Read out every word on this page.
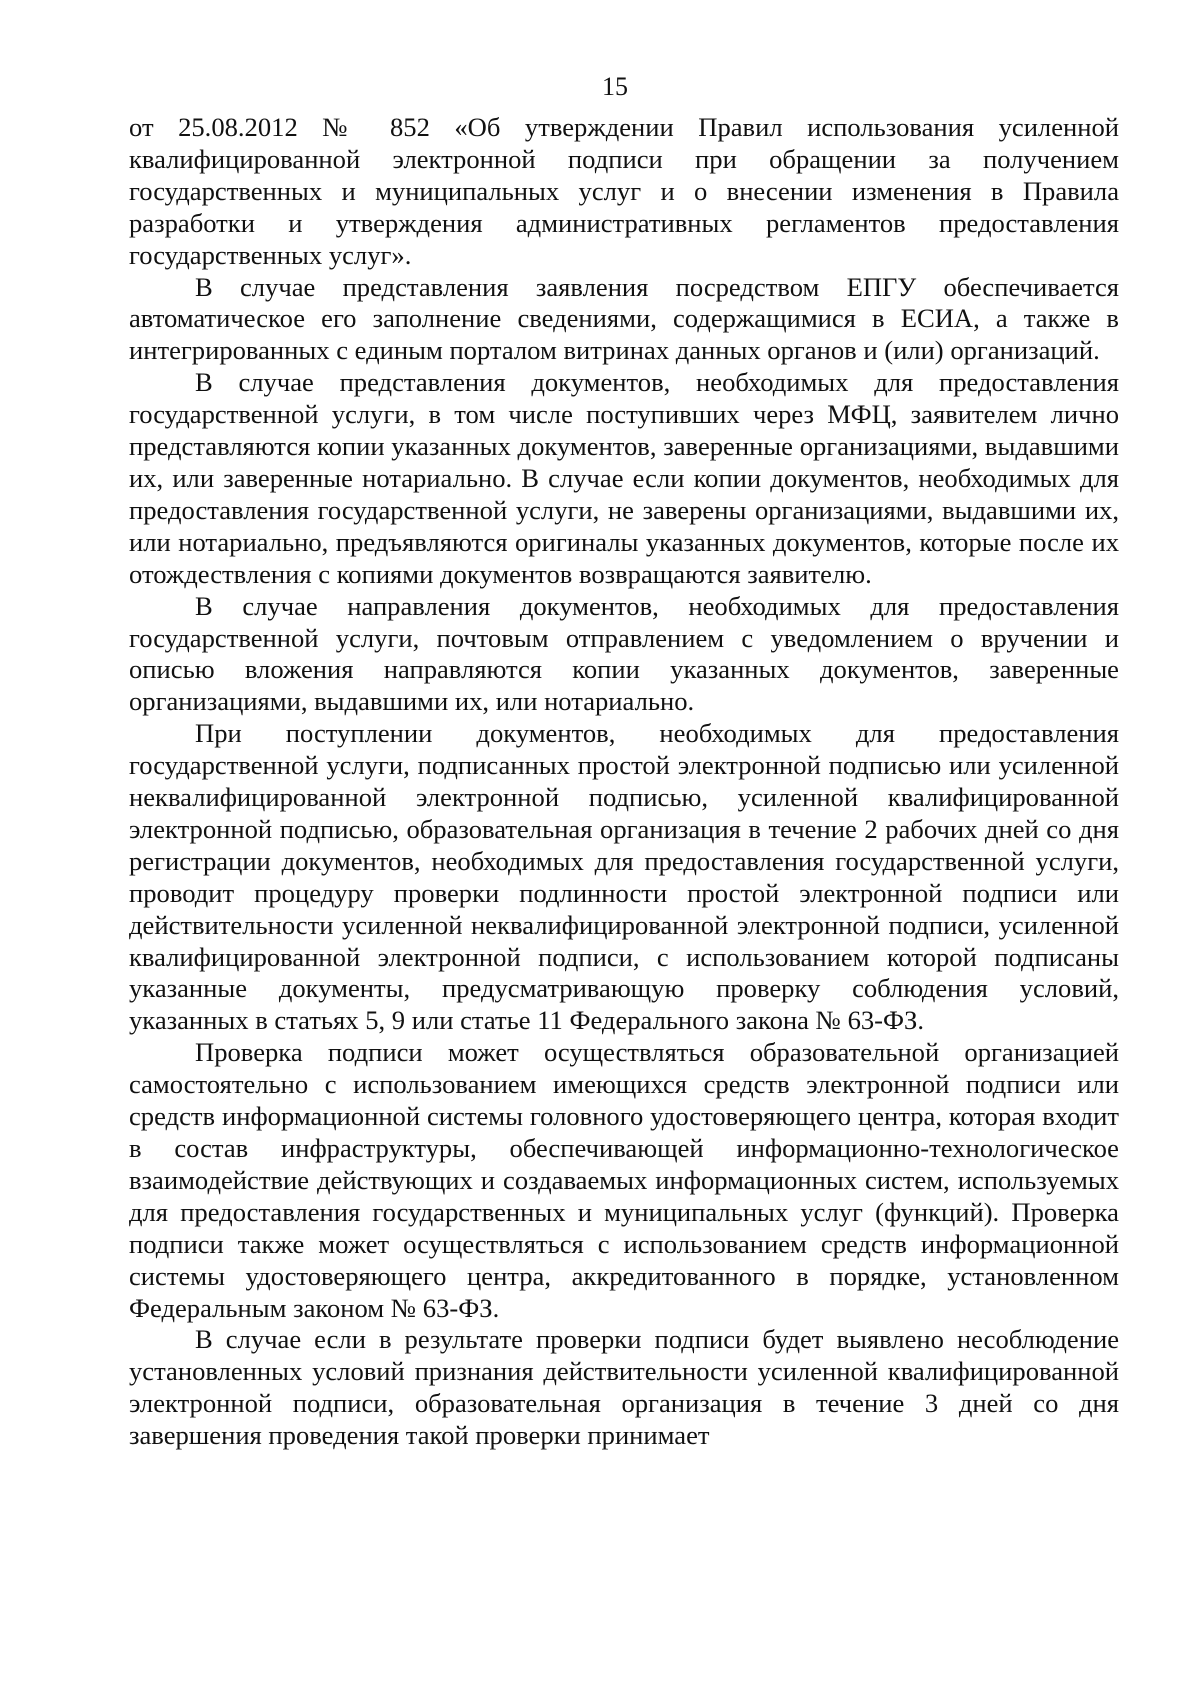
15

от 25.08.2012 № 852 «Об утверждении Правил использования усиленной квалифицированной электронной подписи при обращении за получением государственных и муниципальных услуг и о внесении изменения в Правила разработки и утверждения административных регламентов предоставления государственных услуг».

В случае представления заявления посредством ЕПГУ обеспечивается автоматическое его заполнение сведениями, содержащимися в ЕСИА, а также в интегрированных с единым порталом витринах данных органов и (или) организаций.

В случае представления документов, необходимых для предоставления государственной услуги, в том числе поступивших через МФЦ, заявителем лично представляются копии указанных документов, заверенные организациями, выдавшими их, или заверенные нотариально. В случае если копии документов, необходимых для предоставления государственной услуги, не заверены организациями, выдавшими их, или нотариально, предъявляются оригиналы указанных документов, которые после их отождествления с копиями документов возвращаются заявителю.

В случае направления документов, необходимых для предоставления государственной услуги, почтовым отправлением с уведомлением о вручении и описью вложения направляются копии указанных документов, заверенные организациями, выдавшими их, или нотариально.

При поступлении документов, необходимых для предоставления государственной услуги, подписанных простой электронной подписью или усиленной неквалифицированной электронной подписью, усиленной квалифицированной электронной подписью, образовательная организация в течение 2 рабочих дней со дня регистрации документов, необходимых для предоставления государственной услуги, проводит процедуру проверки подлинности простой электронной подписи или действительности усиленной неквалифицированной электронной подписи, усиленной квалифицированной электронной подписи, с использованием которой подписаны указанные документы, предусматривающую проверку соблюдения условий, указанных в статьях 5, 9 или статье 11 Федерального закона № 63-ФЗ.

Проверка подписи может осуществляться образовательной организацией самостоятельно с использованием имеющихся средств электронной подписи или средств информационной системы головного удостоверяющего центра, которая входит в состав инфраструктуры, обеспечивающей информационно-технологическое взаимодействие действующих и создаваемых информационных систем, используемых для предоставления государственных и муниципальных услуг (функций). Проверка подписи также может осуществляться с использованием средств информационной системы удостоверяющего центра, аккредитованного в порядке, установленном Федеральным законом № 63-ФЗ.

В случае если в результате проверки подписи будет выявлено несоблюдение установленных условий признания действительности усиленной квалифицированной электронной подписи, образовательная организация в течение 3 дней со дня завершения проведения такой проверки принимает
